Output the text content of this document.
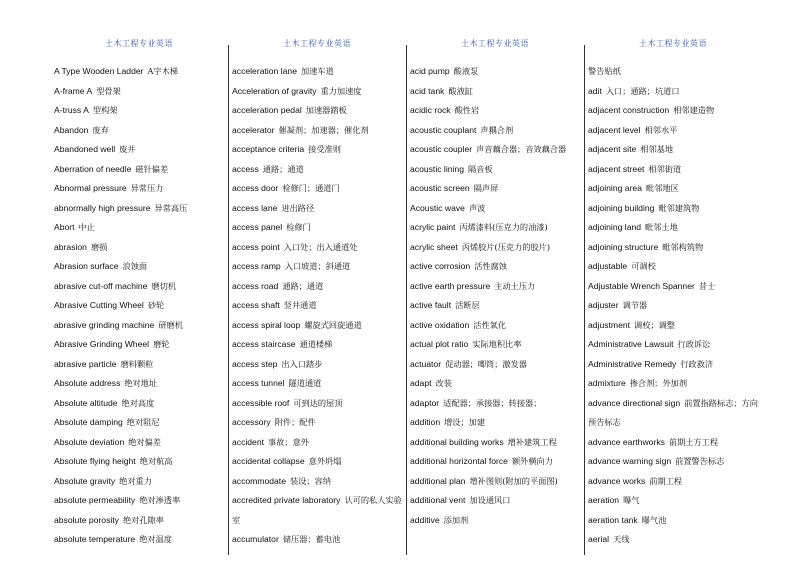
土木工程专业英语	土木工程专业英语	土木工程专业英语	土木工程专业英语
A Type Wooden Ladder A字木梯
A-frame A 型骨架
A-truss A 型构架
Abandon 废弃
Abandoned well 废井
Aberration of needle 磁针偏差
Abnormal pressure 异常压力
abnormally high pressure 异常高压
Abort 中止
abrasion 磨损
Abrasion surface 浪蚀面
abrasive cut-off machine 磨切机
Abrasive Cutting Wheel 砂轮
abrasive grinding machine 研磨机
Abrasive Grinding Wheel 磨轮
abrasive particle 磨料颗粒
Absolute address 绝对地址
Absolute altitude 绝对高度
Absolute damping 绝对阻尼
Absolute deviation 绝对偏差
Absolute flying height 绝对航高
Absolute gravity 绝对重力
absolute permeability 绝对渗透率
absolute porosity 绝对孔隙率
absolute temperature 绝对温度
acceleration lane 加速车道
Acceleration of gravity 重力加速度
acceleration pedal 加速器踏板
accelerator 催凝剂；加速器；催化剂
acceptance criteria 接受准则
access 通路；通道
access door 检修门；通道门
access lane 进出路径
access panel 检修门
access point 入口处；出入通道处
access ramp 入口坡道；斜通道
access road 通路；通道
access shaft 竖井通道
access spiral loop 螺旋式回旋通道
access staircase 通道楼梯
access step 出入口踏步
access tunnel 隧道通道
accessible roof 可到达的屋顶
accessory 附件；配件
accident 事故；意外
accidental collapse 意外坍塌
accommodate 装设；容纳
accredited private laboratory 认可的私人实验室
accumulator 储压器；蓄电池
acid pump 酸液泵
acid tank 酸液缸
acidic rock 酸性岩
acoustic couplant 声耦合剂
acoustic coupler 声音藕合器；音效藕合器
acoustic lining 隔音板
acoustic screen 隔声屏
Acoustic wave 声波
acrylic paint 丙烯漆料(压克力的油漆)
acrylic sheet 丙烯胶片(压克力的胶片)
active corrosion 活性腐蚀
active earth pressure 主动土压力
active fault 活断层
active oxidation 活性氧化
actual plot ratio 实际地积比率
actuator 促动器；唧筒；激发器
adapt 改装
adaptor 适配器；承接器；转接器；
addition 增设；加建
additional building works 增补建筑工程
additional horizontal force 额外横向力
additional plan 增补图则(附加的平面图)
additional vent 加设通风口
additive 添加剂
警告贴纸
adit 入口；通路；坑道口
adjacent construction 相邻建造物
adjacent level 相邻水平
adjacent site 相邻基地
adjacent street 相邻街道
adjoining area 毗邻地区
adjoining building 毗邻建筑物
adjoining land 毗邻土地
adjoining structure 毗邻构筑物
adjustable 可调校
Adjustable Wrench Spanner 昔士
adjuster 调节器
adjustment 调校；调整
Administrative Lawsuit 行政诉讼
Administrative Remedy 行政救济
admixture 掺合剂；外加剂
advance directional sign 前置指路标志；方向预告标志
advance earthworks 前期土方工程
advance warning sign 前置警告标志
advance works 前期工程
aeration 曝气
aeration tank 曝气池
aerial 天线
